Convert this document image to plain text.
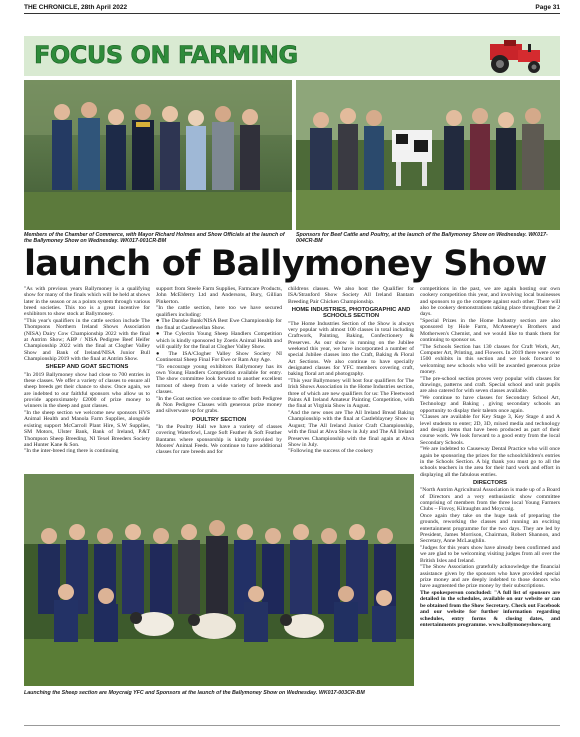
THE CHRONICLE, 28th April 2022	Page 31
FOCUS ON FARMING
launch of Ballymoney Show
Members of the Chamber of Commerce, with Mayor Richard Holmes and Show Officials at the launch of the Ballymoney Show on Wednesday. WK017-001CR-BM
Sponsors for Beef Cattle and Poultry, at the launch of the Ballymoney Show on Wednesday. WK017-004CR-BM

"As with previous years Ballymoney is a qualifying show for many of the finals which will be held at shows later in the season or as a points system through various breed societies. This too is a great incentive for exhibitors to show stock at Ballymoney.

"This year's qualifiers in the cattle section include The Thompsons Northern Ireland Shows Association (NISA) Dairy Cow Championship 2022 with the final at Antrim Show; ABP / NISA Pedigree Beef Heifer Championship 2022 with the final at Clogher Valley Show and Bank of Ireland/NISA Junior Bull Championship 2019 with the final at Antrim Show.

SHEEP AND GOAT SECTIONS

"In 2019 Ballymoney show had close to 700 entries in these classes. We offer a variety of classes to ensure all sheep breeds get their chance to show. Once again, we are indebted to our faithful sponsors who allow us to provide approximately £2000 of prize money to winners in the sheep and goat classes.

"In the sheep section we welcome new sponsors HVS Animal Health and Manola Farm Supplies, alongside existing support McCarroll Plant Hire, S.W Supplies, SM Motors, Ulster Bank, Bank of Ireland, P.&T Thompson Sheep Breeding, NI Texel Breeders Society and Hunter Kane & Son.

"In the inter-breed ring there is continuing

support from Steele Farm Supplies, Farmcare Products, John McElderry Ltd and Andersons, Bury, Gillian Pinkerton.

"In the cattle section, here too we have secured qualifiers including:

● The Danske Bank/NISA Best Ewe Championship for the final at Castlewellan Show.

● The Cylectin Young Sheep Handlers Competition which is kindly sponsored by Zoetis Animal Health and will qualify for the final at Clogher Valley Show.

● The ISA/Clogher Valley Show Society NI Continental Sheep Final For Ewe or Ram Any Age.

"To encourage young exhibitors Ballymoney has its own Young Handlers Competition available for entry. The show committee look forward to another excellent turnout of sheep from a wide variety of breeds and classes.

"In the Goat section we continue to offer both Pedigree & Non Pedigree Classes with generous prize money and silverware up for grabs.

POULTRY SECTION

"In the Poultry Hall we have a variety of classes covering Waterfowl, Large Soft Feather & Soft Feather Bantams where sponsorship is kindly provided by Moores' Animal Feeds. We continue to have additional classes for rare breeds and for

childrens classes. We also host the Qualifier for ISA/Stranford Show Society All Ireland Bantam Breeding Pair Chicken Championship.

HOME INDUSTRIES, PHOTOGRAPHIC AND SCHOOLS SECTION

"The Home Industries Section of the Show is always very popular with almost 100 classes in total including Craftwork, Painting, Baking, Confectionery & Preserves. As our show is running on the Jubilee weekend this year, we have incorporated a number of special Jubilee classes into the Craft, Baking & Floral Art Sections. We also continue to have specially designated classes for YFC members covering craft, baking floral art and photography.

"This year Ballymoney will host four qualifiers for The Irish Shows Association in the Home Industries section, three of which are new qualifiers for us: The Fleetwood Paints All Ireland Amateur Painting Competition, with the final at Virginia Show in August.

"And the new ones are The All Ireland Bread Baking Championship with the final at Castleblayney Show in August; The All Ireland Junior Craft Championship, with the final at Ahva Show in July and The All Ireland Preserves Championship with the final again at Ahva Show in July.

"Following the success of the cookery

competitions in the past, we are again hosting our own cookery competition this year, and involving local businesses and sponsors to go the compete against each other. There will also be cookery demonstrations taking place throughout the 2 days.

"Special Prizes in the Home Industry section are also sponsored by Hole Farm, McAteeney's Brothers and Motherwen's Chemist, and we would like to thank them for continuing to sponsor us.

"The Schools Section has 130 classes for Craft Work, Art, Computer Art, Printing, and Flowers. In 2019 there were over 1500 exhibits in this section and we look forward to welcoming new schools who will be awarded generous prize money.

"The pre-school section proves very popular with classes for drawings, patterns and craft. Special school and unit pupils are also catered for with seven classes available.

"We continue to have classes for Secondary School Art, Technology and Baking , giving secondary schools an opportunity to display their talents once again.

"Classes are available for Key Stage 3, Key Stage 4 and A level students to enter; 2D, 3D, mixed media and technology and design items that have been produced as part of their course work. We look forward to a good entry from the local Secondary Schools.

"We are indebted to Causeway Dental Practice who will once again be sponsoring the prizes for the schoolchildren's entries in the Schools Section. A big thank you must go to all the schools teachers in the area for their hard work and effort in displaying all the fabulous entries.

DIRECTORS

"North Antrim Agricultural Association is made up of a Board of Directors and a very enthusiastic show committee comprising of members from the three local Young Farmers Clubs – Finvoy, Kilraughts and Moycraig.

Once again they take on the huge task of preparing the grounds, reworking the classes and running an exciting entertainment programme for the two days. They are led by President, James Morrison, Chairman, Robert Shannon, and Secretary, Anne McLaughlin.

"Judges for this years show have already been confirmed and we are glad to be welcoming visiting judges from all over the British Isles and Ireland.

"The Show Association gratefully acknowledge the financial assistance given by the sponsors who have provided special prize money and are deeply indebted to those donors who have augmented the prize money by their subscriptions.

The spokesperson concluded: "A full list of sponsors are detailed in the schedules, available on our website or can be obtained from the Show Secretary. Check out Facebook and our website for further information regarding schedules, entry forms & closing dates, and entertainments programme. www.ballymoneyshow.org

Launching the Sheep section are Moycraig YFC and Sponsors at the launch of the Ballymoney Show on Wednesday. WK017-003CR-BM
